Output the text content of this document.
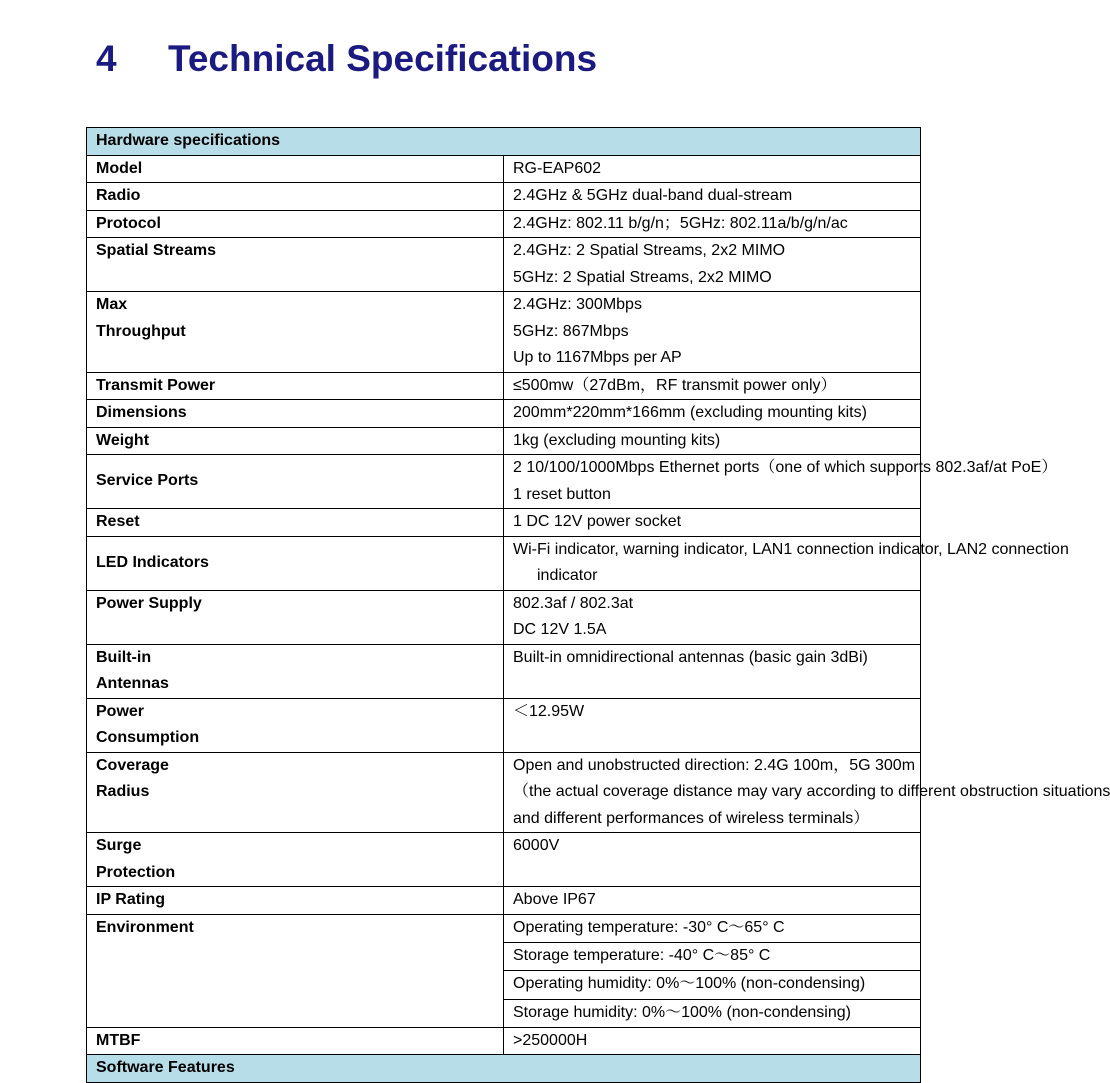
4	Technical Specifications
Hardware specifications	
Model	RG-EAP602

Radio	2.4GHz & 5GHz dual-band dual-stream

Protocol	2.4GHz: 802.11 b/g/n；5GHz: 802.11a/b/g/n/ac

Spatial Streams	2.4GHz: 2 Spatial Streams, 2x2 MIMO
5GHz: 2 Spatial Streams, 2x2 MIMO

Max
Throughput	2.4GHz: 300Mbps
5GHz: 867Mbps
Up to 1167Mbps per AP

Transmit Power	≤500mw（27dBm，RF transmit power only）

Dimensions	200mm*220mm*166mm (excluding mounting kits)

Weight	1kg (excluding mounting kits)

Service Ports	2 10/100/1000Mbps Ethernet ports（one of which supports 802.3af/at PoE）
1 reset button

Reset	1 DC 12V power socket

LED Indicators	Wi-Fi indicator, warning indicator, LAN1 connection indicator, LAN2 connection
indicator

Power Supply	802.3af / 802.3at
DC 12V 1.5A

Built-in
Antennas	Built-in omnidirectional antennas (basic gain 3dBi)

Power
Consumption	＜12.95W

Coverage
Radius	Open and unobstructed direction: 2.4G 100m，5G 300m
（the actual coverage distance may vary according to different obstruction situations
and different performances of wireless terminals）

Surge
Protection	6000V

IP Rating	Above IP67

Environment	Operating temperature: -30° C～65° C

	Storage temperature: -40° C～85° C

	Operating humidity: 0%～100% (non-condensing)

	Storage humidity: 0%～100% (non-condensing)

MTBF	>250000H

Software Features	
